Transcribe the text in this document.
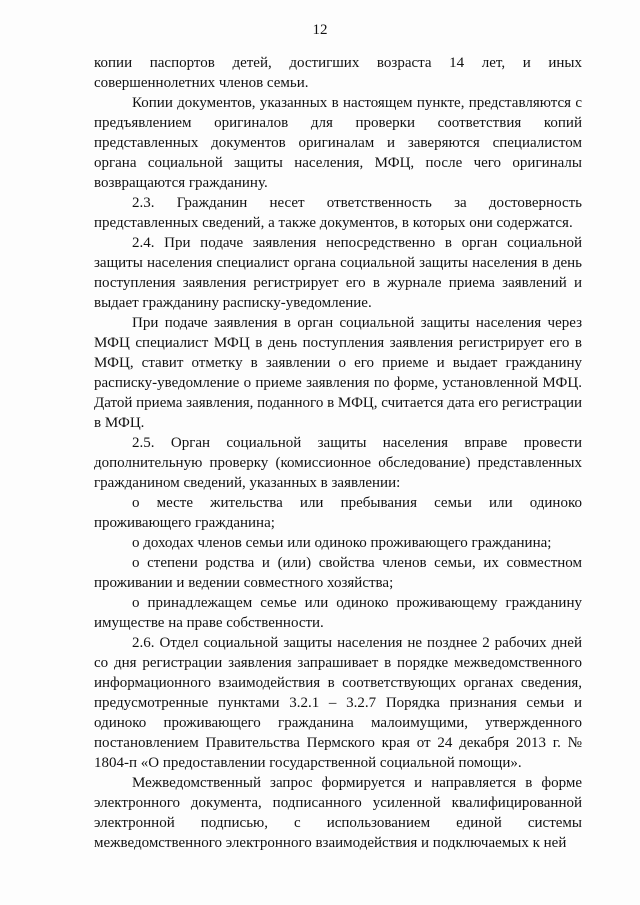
12

копии паспортов детей, достигших возраста 14 лет, и иных совершеннолетних членов семьи.

Копии документов, указанных в настоящем пункте, представляются с предъявлением оригиналов для проверки соответствия копий представленных документов оригиналам и заверяются специалистом органа социальной защиты населения, МФЦ, после чего оригиналы возвращаются гражданину.

2.3. Гражданин несет ответственность за достоверность представленных сведений, а также документов, в которых они содержатся.

2.4. При подаче заявления непосредственно в орган социальной защиты населения специалист органа социальной защиты населения в день поступления заявления регистрирует его в журнале приема заявлений и выдает гражданину расписку-уведомление.

При подаче заявления в орган социальной защиты населения через МФЦ специалист МФЦ в день поступления заявления регистрирует его в МФЦ, ставит отметку в заявлении о его приеме и выдает гражданину расписку-уведомление о приеме заявления по форме, установленной МФЦ. Датой приема заявления, поданного в МФЦ, считается дата его регистрации в МФЦ.

2.5. Орган социальной защиты населения вправе провести дополнительную проверку (комиссионное обследование) представленных гражданином сведений, указанных в заявлении:

о месте жительства или пребывания семьи или одиноко проживающего гражданина;

о доходах членов семьи или одиноко проживающего гражданина;

о степени родства и (или) свойства членов семьи, их совместном проживании и ведении совместного хозяйства;

о принадлежащем семье или одиноко проживающему гражданину имуществе на праве собственности.

2.6. Отдел социальной защиты населения не позднее 2 рабочих дней со дня регистрации заявления запрашивает в порядке межведомственного информационного взаимодействия в соответствующих органах сведения, предусмотренные пунктами 3.2.1 – 3.2.7 Порядка признания семьи и одиноко проживающего гражданина малоимущими, утвержденного постановлением Правительства Пермского края от 24 декабря 2013 г. № 1804-п «О предоставлении государственной социальной помощи».

Межведомственный запрос формируется и направляется в форме электронного документа, подписанного усиленной квалифицированной электронной подписью, с использованием единой системы межведомственного электронного взаимодействия и подключаемых к ней
